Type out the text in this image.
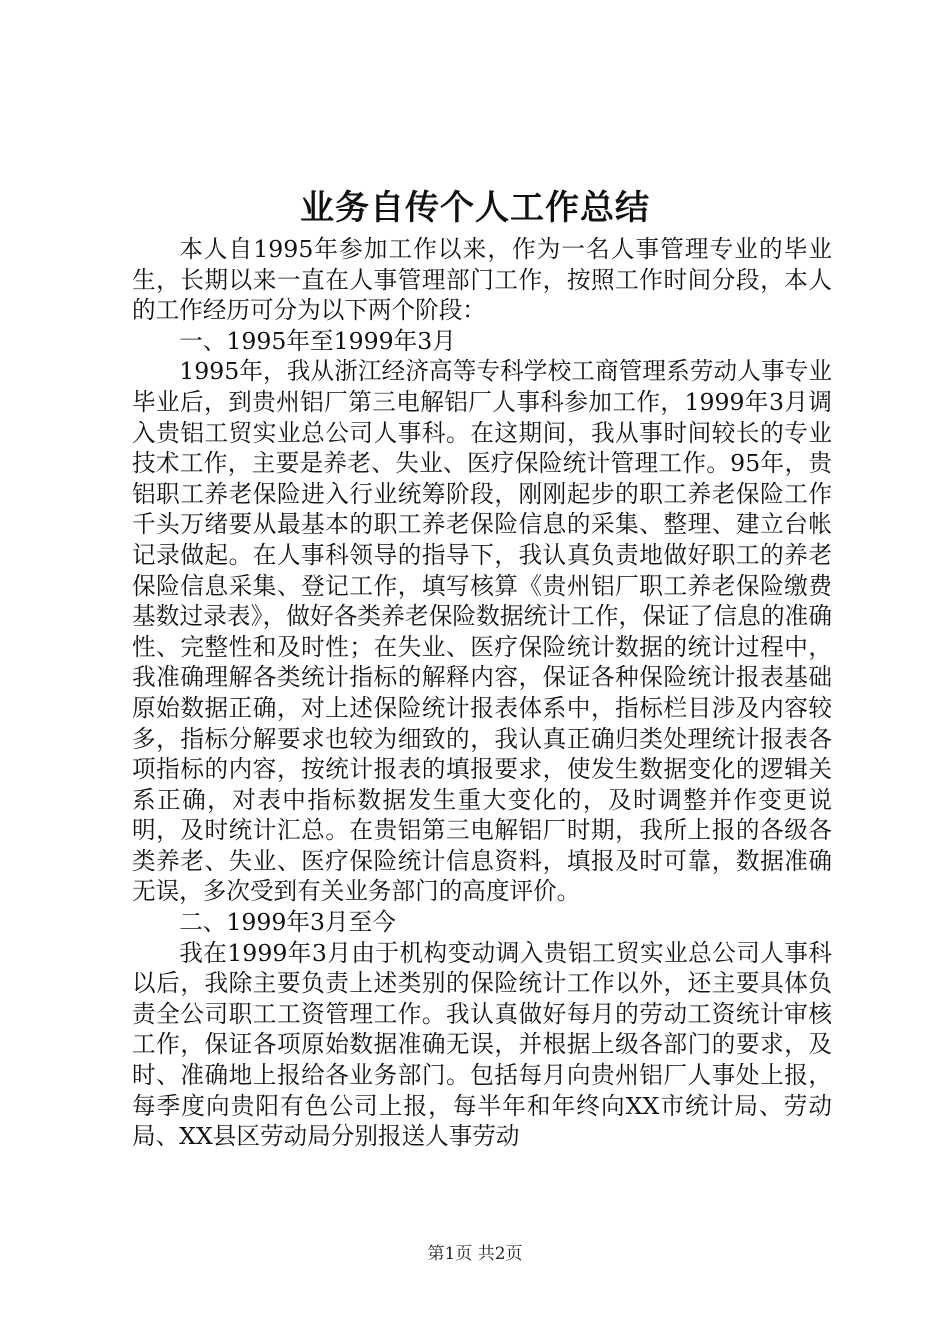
业务自传个人工作总结

本人自1995年参加工作以来，作为一名人事管理专业的毕业生，长期以来一直在人事管理部门工作，按照工作时间分段，本人的工作经历可分为以下两个阶段：

一、1995年至1999年3月

1995年，我从浙江经济高等专科学校工商管理系劳动人事专业毕业后，到贵州铝厂第三电解铝厂人事科参加工作，1999年3月调入贵铝工贸实业总公司人事科。在这期间，我从事时间较长的专业技术工作，主要是养老、失业、医疗保险统计管理工作。95年，贵铝职工养老保险进入行业统筹阶段，刚刚起步的职工养老保险工作千头万绪要从最基本的职工养老保险信息的采集、整理、建立台帐记录做起。在人事科领导的指导下，我认真负责地做好职工的养老保险信息采集、登记工作，填写核算《贵州铝厂职工养老保险缴费基数过录表》，做好各类养老保险数据统计工作，保证了信息的准确性、完整性和及时性；在失业、医疗保险统计数据的统计过程中，我准确理解各类统计指标的解释内容，保证各种保险统计报表基础原始数据正确，对上述保险统计报表体系中，指标栏目涉及内容较多，指标分解要求也较为细致的，我认真正确归类处理统计报表各项指标的内容，按统计报表的填报要求，使发生数据变化的逻辑关系正确，对表中指标数据发生重大变化的，及时调整并作变更说明，及时统计汇总。在贵铝第三电解铝厂时期，我所上报的各级各类养老、失业、医疗保险统计信息资料，填报及时可靠，数据准确无误，多次受到有关业务部门的高度评价。

二、1999年3月至今

我在1999年3月由于机构变动调入贵铝工贸实业总公司人事科以后，我除主要负责上述类别的保险统计工作以外，还主要具体负责全公司职工工资管理工作。我认真做好每月的劳动工资统计审核工作，保证各项原始数据准确无误，并根据上级各部门的要求，及时、准确地上报给各业务部门。包括每月向贵州铝厂人事处上报，每季度向贵阳有色公司上报，每半年和年终向XX市统计局、劳动局、XX县区劳动局分别报送人事劳动

第1页 共2页
